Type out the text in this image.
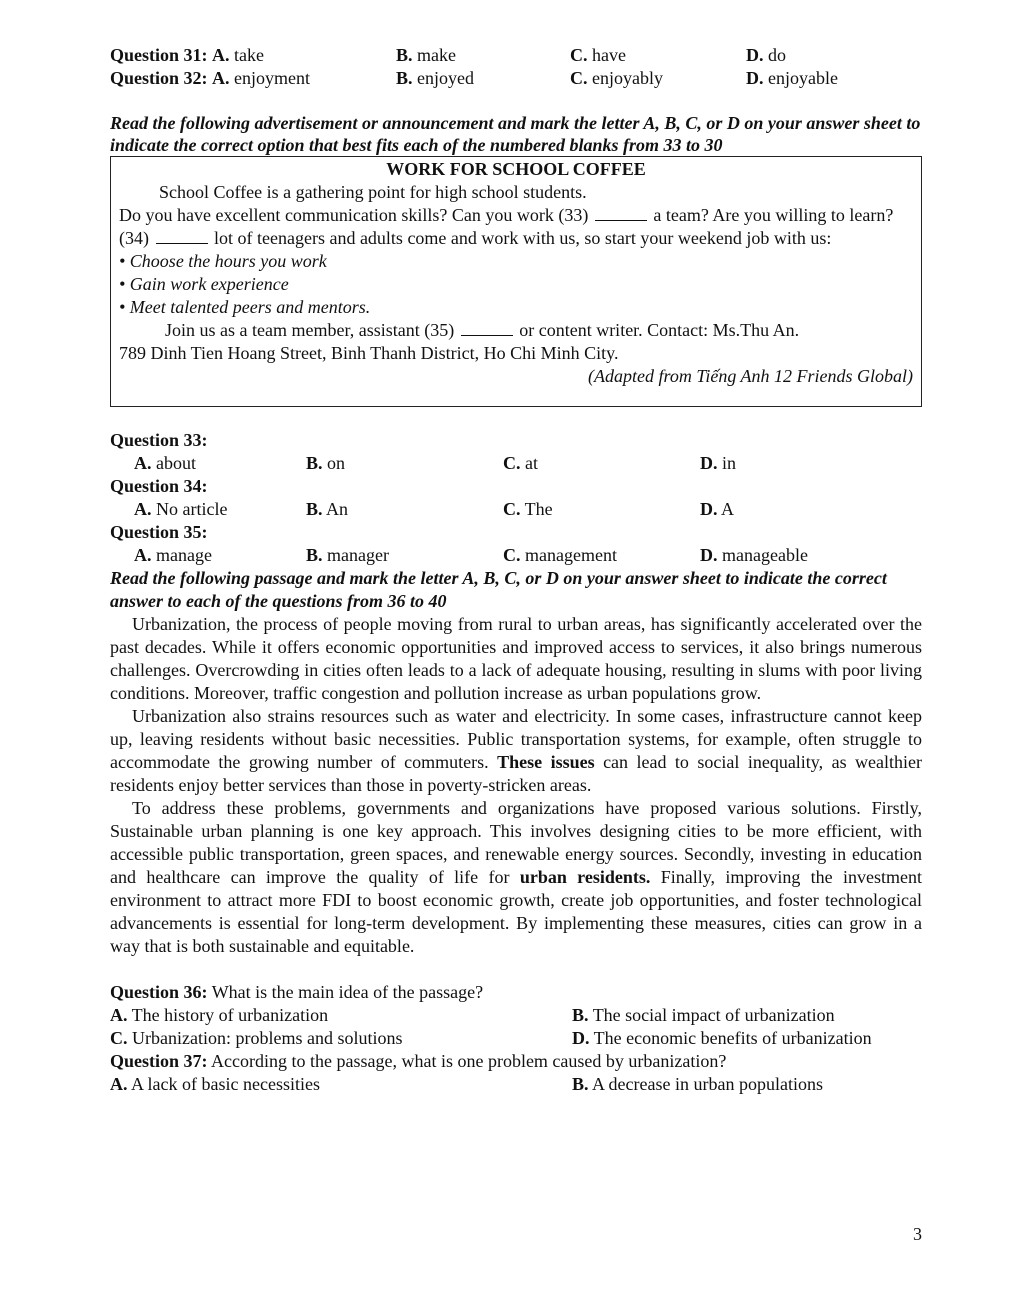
Question 31: A. take	B. make	C. have	D. do
Question 32: A. enjoyment	B. enjoyed	C. enjoyably	D. enjoyable
Read the following advertisement or announcement and mark the letter A, B, C, or D on your answer sheet to indicate the correct option that best fits each of the numbered blanks from 33 to 30
WORK FOR SCHOOL COFFEE
School Coffee is a gathering point for high school students.
Do you have excellent communication skills? Can you work (33)	a team? Are you willing to learn?
(34)	lot of teenagers and adults come and work with us, so start your weekend job with us:
• Choose the hours you work
• Gain work experience
• Meet talented peers and mentors.
Join us as a team member, assistant (35)	or content writer. Contact: Ms.Thu An.
789 Dinh Tien Hoang Street, Binh Thanh District, Ho Chi Minh City.
(Adapted from Tiếng Anh 12 Friends Global)
Question 33:
A. about	B. on	C. at	D. in
Question 34:
A. No article	B. An	C. The	D. A
Question 35:
A. manage	B. manager	C. management	D. manageable
Read the following passage and mark the letter A, B, C, or D on your answer sheet to indicate the correct answer to each of the questions from 36 to 40
Urbanization, the process of people moving from rural to urban areas, has significantly accelerated over the past decades. While it offers economic opportunities and improved access to services, it also brings numerous challenges. Overcrowding in cities often leads to a lack of adequate housing, resulting in slums with poor living conditions. Moreover, traffic congestion and pollution increase as urban populations grow.
Urbanization also strains resources such as water and electricity. In some cases, infrastructure cannot keep up, leaving residents without basic necessities. Public transportation systems, for example, often struggle to accommodate the growing number of commuters. These issues can lead to social inequality, as wealthier residents enjoy better services than those in poverty-stricken areas.
To address these problems, governments and organizations have proposed various solutions. Firstly, Sustainable urban planning is one key approach. This involves designing cities to be more efficient, with accessible public transportation, green spaces, and renewable energy sources. Secondly, investing in education and healthcare can improve the quality of life for urban residents. Finally, improving the investment environment to attract more FDI to boost economic growth, create job opportunities, and foster technological advancements is essential for long-term development. By implementing these measures, cities can grow in a way that is both sustainable and equitable.
Question 36: What is the main idea of the passage?
A. The history of urbanization	B. The social impact of urbanization
C. Urbanization: problems and solutions	D. The economic benefits of urbanization
Question 37: According to the passage, what is one problem caused by urbanization?
A. A lack of basic necessities	B. A decrease in urban populations
3
